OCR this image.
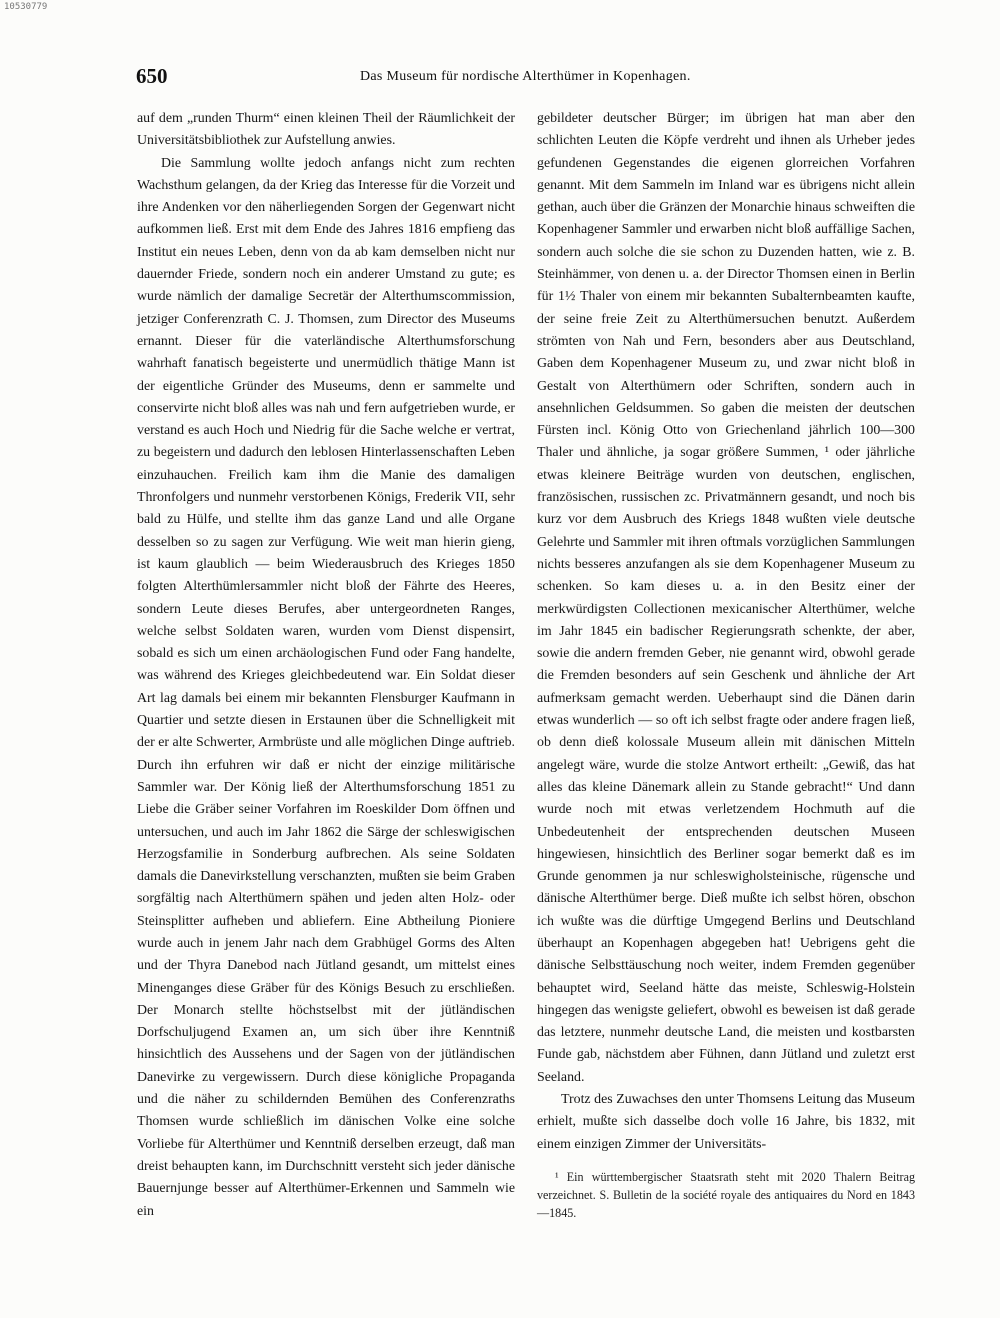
10530779
650	Das Museum für nordische Alterthümer in Kopenhagen.

auf dem „runden Thurm“ einen kleinen Theil der Räumlichkeit der Universitätsbibliothek zur Aufstellung anwies.

Die Sammlung wollte jedoch anfangs nicht zum rechten Wachsthum gelangen, da der Krieg das Interesse für die Vorzeit und ihre Andenken vor den näherliegenden Sorgen der Gegenwart nicht aufkommen ließ. Erst mit dem Ende des Jahres 1816 empfieng das Institut ein neues Leben, denn von da ab kam demselben nicht nur dauernder Friede, sondern noch ein anderer Umstand zu gute; es wurde nämlich der damalige Secretär der Alterthumscommission, jetziger Conferenzrath C. J. Thomsen, zum Director des Museums ernannt. Dieser für die vaterländische Alterthumsforschung wahrhaft fanatisch begeisterte und unermüdlich thätige Mann ist der eigentliche Gründer des Museums, denn er sammelte und conservirte nicht bloß alles was nah und fern aufgetrieben wurde, er verstand es auch Hoch und Niedrig für die Sache welche er vertrat, zu begeistern und dadurch den leblosen Hinterlassenschaften Leben einzuhauchen. Freilich kam ihm die Manie des damaligen Thronfolgers und nunmehr verstorbenen Königs, Frederik VII, sehr bald zu Hülfe, und stellte ihm das ganze Land und alle Organe desselben so zu sagen zur Verfügung. Wie weit man hierin gieng, ist kaum glaublich — beim Wiederausbruch des Krieges 1850 folgten Alterthümlersammler nicht bloß der Fährte des Heeres, sondern Leute dieses Berufes, aber untergeordneten Ranges, welche selbst Soldaten waren, wurden vom Dienst dispensirt, sobald es sich um einen archäologischen Fund oder Fang handelte, was während des Krieges gleichbedeutend war. Ein Soldat dieser Art lag damals bei einem mir bekannten Flensburger Kaufmann in Quartier und setzte diesen in Erstaunen über die Schnelligkeit mit der er alte Schwerter, Armbrüste und alle möglichen Dinge auftrieb. Durch ihn erfuhren wir daß er nicht der einzige militärische Sammler war. Der König ließ der Alterthumsforschung 1851 zu Liebe die Gräber seiner Vorfahren im Roeskilder Dom öffnen und untersuchen, und auch im Jahr 1862 die Särge der schleswigischen Herzogsfamilie in Sonderburg aufbrechen. Als seine Soldaten damals die Danevirkstellung verschanzten, mußten sie beim Graben sorgfältig nach Alterthümern spähen und jeden alten Holz- oder Steinsplitter aufheben und abliefern. Eine Abtheilung Pioniere wurde auch in jenem Jahr nach dem Grabhügel Gorms des Alten und der Thyra Danebod nach Jütland gesandt, um mittelst eines Minenganges diese Gräber für des Königs Besuch zu erschließen. Der Monarch stellte höchstselbst mit der jütländischen Dorfschuljugend Examen an, um sich über ihre Kenntniß hinsichtlich des Aussehens und der Sagen von der jütländischen Danevirke zu vergewissern. Durch diese königliche Propaganda und die näher zu schildernden Bemühen des Conferenzraths Thomsen wurde schließlich im dänischen Volke eine solche Vorliebe für Alterthümer und Kenntniß derselben erzeugt, daß man dreist behaupten kann, im Durchschnitt versteht sich jeder dänische Bauernjunge besser auf Alterthümer-Erkennen und Sammeln wie ein

gebildeter deutscher Bürger; im übrigen hat man aber den schlichten Leuten die Köpfe verdreht und ihnen als Urheber jedes gefundenen Gegenstandes die eigenen glorreichen Vorfahren genannt. Mit dem Sammeln im Inland war es übrigens nicht allein gethan, auch über die Gränzen der Monarchie hinaus schweiften die Kopenhagener Sammler und erwarben nicht bloß auffällige Sachen, sondern auch solche die sie schon zu Duzenden hatten, wie z. B. Steinhämmer, von denen u. a. der Director Thomsen einen in Berlin für 1½ Thaler von einem mir bekannten Subalternbeamten kaufte, der seine freie Zeit zu Alterthümersuchen benutzt. Außerdem strömten von Nah und Fern, besonders aber aus Deutschland, Gaben dem Kopenhagener Museum zu, und zwar nicht bloß in Gestalt von Alterthümern oder Schriften, sondern auch in ansehnlichen Geldsummen. So gaben die meisten der deutschen Fürsten incl. König Otto von Griechenland jährlich 100—300 Thaler und ähnliche, ja sogar größere Summen, ¹ oder jährliche etwas kleinere Beiträge wurden von deutschen, englischen, französischen, russischen zc. Privatmännern gesandt, und noch bis kurz vor dem Ausbruch des Kriegs 1848 wußten viele deutsche Gelehrte und Sammler mit ihren oftmals vorzüglichen Sammlungen nichts besseres anzufangen als sie dem Kopenhagener Museum zu schenken. So kam dieses u. a. in den Besitz einer der merkwürdigsten Collectionen mexicanischer Alterthümer, welche im Jahr 1845 ein badischer Regierungsrath schenkte, der aber, sowie die andern fremden Geber, nie genannt wird, obwohl gerade die Fremden besonders auf sein Geschenk und ähnliche der Art aufmerksam gemacht werden. Ueberhaupt sind die Dänen darin etwas wunderlich — so oft ich selbst fragte oder andere fragen ließ, ob denn dieß kolossale Museum allein mit dänischen Mitteln angelegt wäre, wurde die stolze Antwort ertheilt: „Gewiß, das hat alles das kleine Dänemark allein zu Stande gebracht!“ Und dann wurde noch mit etwas verletzendem Hochmuth auf die Unbedeutenheit der entsprechenden deutschen Museen hingewiesen, hinsichtlich des Berliner sogar bemerkt daß es im Grunde genommen ja nur schleswigholsteinische, rügensche und dänische Alterthümer berge. Dieß mußte ich selbst hören, obschon ich wußte was die dürftige Umgegend Berlins und Deutschland überhaupt an Kopenhagen abgegeben hat! Uebrigens geht die dänische Selbsttäuschung noch weiter, indem Fremden gegenüber behauptet wird, Seeland hätte das meiste, Schleswig-Holstein hingegen das wenigste geliefert, obwohl es beweisen ist daß gerade das letztere, nunmehr deutsche Land, die meisten und kostbarsten Funde gab, nächstdem aber Fühnen, dann Jütland und zuletzt erst Seeland.

Trotz des Zuwachses den unter Thomsens Leitung das Museum erhielt, mußte sich dasselbe doch volle 16 Jahre, bis 1832, mit einem einzigen Zimmer der Universitäts-

¹ Ein württembergischer Staatsrath steht mit 2020 Thalern Beitrag verzeichnet. S. Bulletin de la société royale des antiquaires du Nord en 1843—1845.
